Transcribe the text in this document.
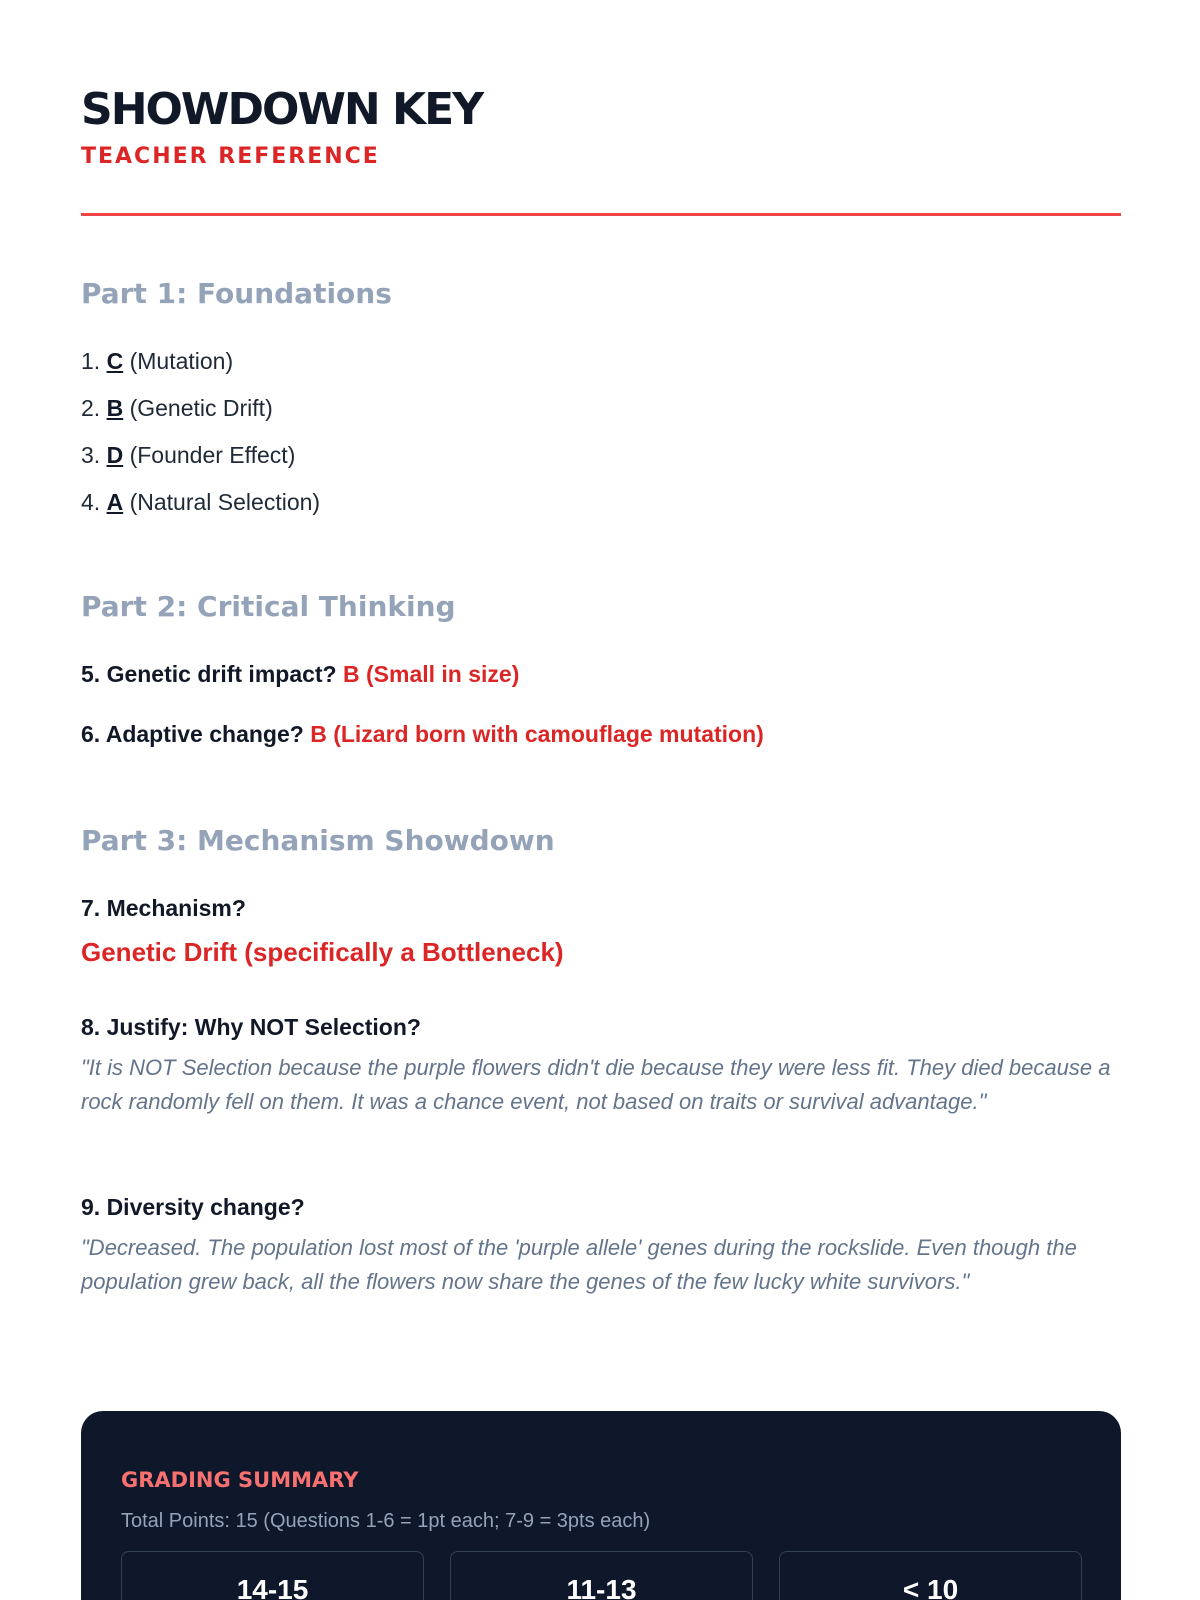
SHOWDOWN KEY
TEACHER REFERENCE
Part 1: Foundations
1. C (Mutation)
2. B (Genetic Drift)
3. D (Founder Effect)
4. A (Natural Selection)
Part 2: Critical Thinking
5. Genetic drift impact? B (Small in size)
6. Adaptive change? B (Lizard born with camouflage mutation)
Part 3: Mechanism Showdown
7. Mechanism?
Genetic Drift (specifically a Bottleneck)
8. Justify: Why NOT Selection?
"It is NOT Selection because the purple flowers didn't die because they were less fit. They died because a rock randomly fell on them. It was a chance event, not based on traits or survival advantage."
9. Diversity change?
"Decreased. The population lost most of the 'purple allele' genes during the rockslide. Even though the population grew back, all the flowers now share the genes of the few lucky white survivors."
GRADING SUMMARY
Total Points: 15 (Questions 1-6 = 1pt each; 7-9 = 3pts each)
14-15	11-13	< 10
